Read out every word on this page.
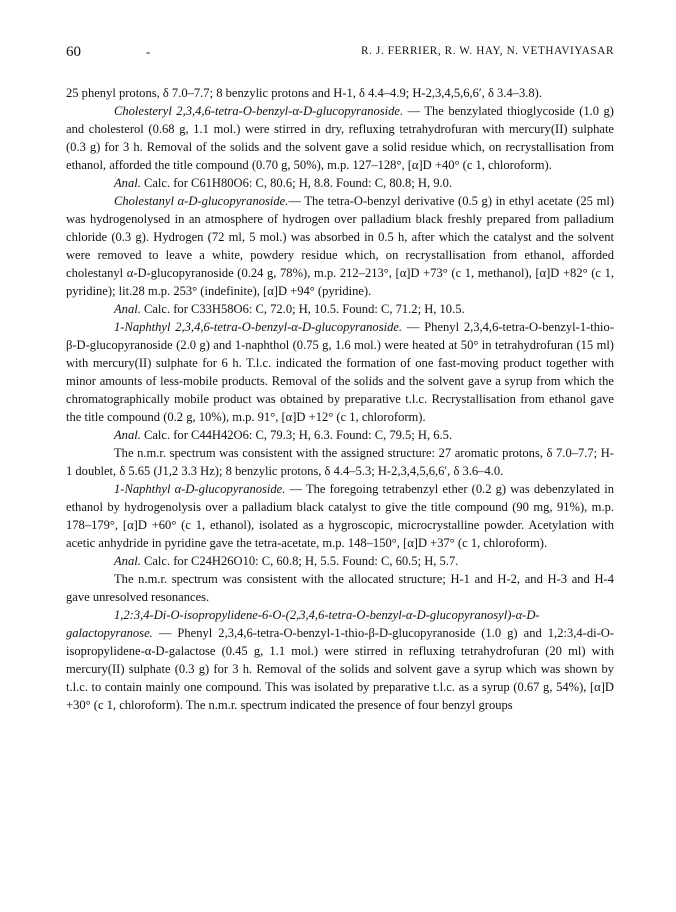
60	-	R. J. FERRIER, R. W. HAY, N. VETHAVIYASAR

25 phenyl protons, δ 7.0–7.7; 8 benzylic protons and H-1, δ 4.4–4.9; H-2,3,4,5,6,6′, δ 3.4–3.8).

Cholesteryl 2,3,4,6-tetra-O-benzyl-α-D-glucopyranoside. — The benzylated thioglycoside (1.0 g) and cholesterol (0.68 g, 1.1 mol.) were stirred in dry, refluxing tetrahydrofuran with mercury(II) sulphate (0.3 g) for 3 h. Removal of the solids and the solvent gave a solid residue which, on recrystallisation from ethanol, afforded the title compound (0.70 g, 50%), m.p. 127–128°, [α]D +40° (c 1, chloroform).

Anal. Calc. for C61H80O6: C, 80.6; H, 8.8. Found: C, 80.8; H, 9.0.

Cholestanyl α-D-glucopyranoside.— The tetra-O-benzyl derivative (0.5 g) in ethyl acetate (25 ml) was hydrogenolysed in an atmosphere of hydrogen over palladium black freshly prepared from palladium chloride (0.3 g). Hydrogen (72 ml, 5 mol.) was absorbed in 0.5 h, after which the catalyst and the solvent were removed to leave a white, powdery residue which, on recrystallisation from ethanol, afforded cholestanyl α-D-glucopyranoside (0.24 g, 78%), m.p. 212–213°, [α]D +73° (c 1, methanol), [α]D +82° (c 1, pyridine); lit.28 m.p. 253° (indefinite), [α]D +94° (pyridine).

Anal. Calc. for C33H58O6: C, 72.0; H, 10.5. Found: C, 71.2; H, 10.5.

1-Naphthyl 2,3,4,6-tetra-O-benzyl-α-D-glucopyranoside. — Phenyl 2,3,4,6-tetra-O-benzyl-1-thio-β-D-glucopyranoside (2.0 g) and 1-naphthol (0.75 g, 1.6 mol.) were heated at 50° in tetrahydrofuran (15 ml) with mercury(II) sulphate for 6 h. T.l.c. indicated the formation of one fast-moving product together with minor amounts of less-mobile products. Removal of the solids and the solvent gave a syrup from which the chromatographically mobile product was obtained by preparative t.l.c. Recrystallisation from ethanol gave the title compound (0.2 g, 10%), m.p. 91°, [α]D +12° (c 1, chloroform).

Anal. Calc. for C44H42O6: C, 79.3; H, 6.3. Found: C, 79.5; H, 6.5.

The n.m.r. spectrum was consistent with the assigned structure: 27 aromatic protons, δ 7.0–7.7; H-1 doublet, δ 5.65 (J1,2 3.3 Hz); 8 benzylic protons, δ 4.4–5.3; H-2,3,4,5,6,6′, δ 3.6–4.0.

1-Naphthyl α-D-glucopyranoside. — The foregoing tetrabenzyl ether (0.2 g) was debenzylated in ethanol by hydrogenolysis over a palladium black catalyst to give the title compound (90 mg, 91%), m.p. 178–179°, [α]D +60° (c 1, ethanol), isolated as a hygroscopic, microcrystalline powder. Acetylation with acetic anhydride in pyridine gave the tetra-acetate, m.p. 148–150°, [α]D +37° (c 1, chloroform).

Anal. Calc. for C24H26O10: C, 60.8; H, 5.5. Found: C, 60.5; H, 5.7.

The n.m.r. spectrum was consistent with the allocated structure; H-1 and H-2, and H-3 and H-4 gave unresolved resonances.

1,2:3,4-Di-O-isopropylidene-6-O-(2,3,4,6-tetra-O-benzyl-α-D-glucopyranosyl)-α-D-galactopyranose. — Phenyl 2,3,4,6-tetra-O-benzyl-1-thio-β-D-glucopyranoside (1.0 g) and 1,2:3,4-di-O-isopropylidene-α-D-galactose (0.45 g, 1.1 mol.) were stirred in refluxing tetrahydrofuran (20 ml) with mercury(II) sulphate (0.3 g) for 3 h. Removal of the solids and solvent gave a syrup which was shown by t.l.c. to contain mainly one compound. This was isolated by preparative t.l.c. as a syrup (0.67 g, 54%), [α]D +30° (c 1, chloroform). The n.m.r. spectrum indicated the presence of four benzyl groups
